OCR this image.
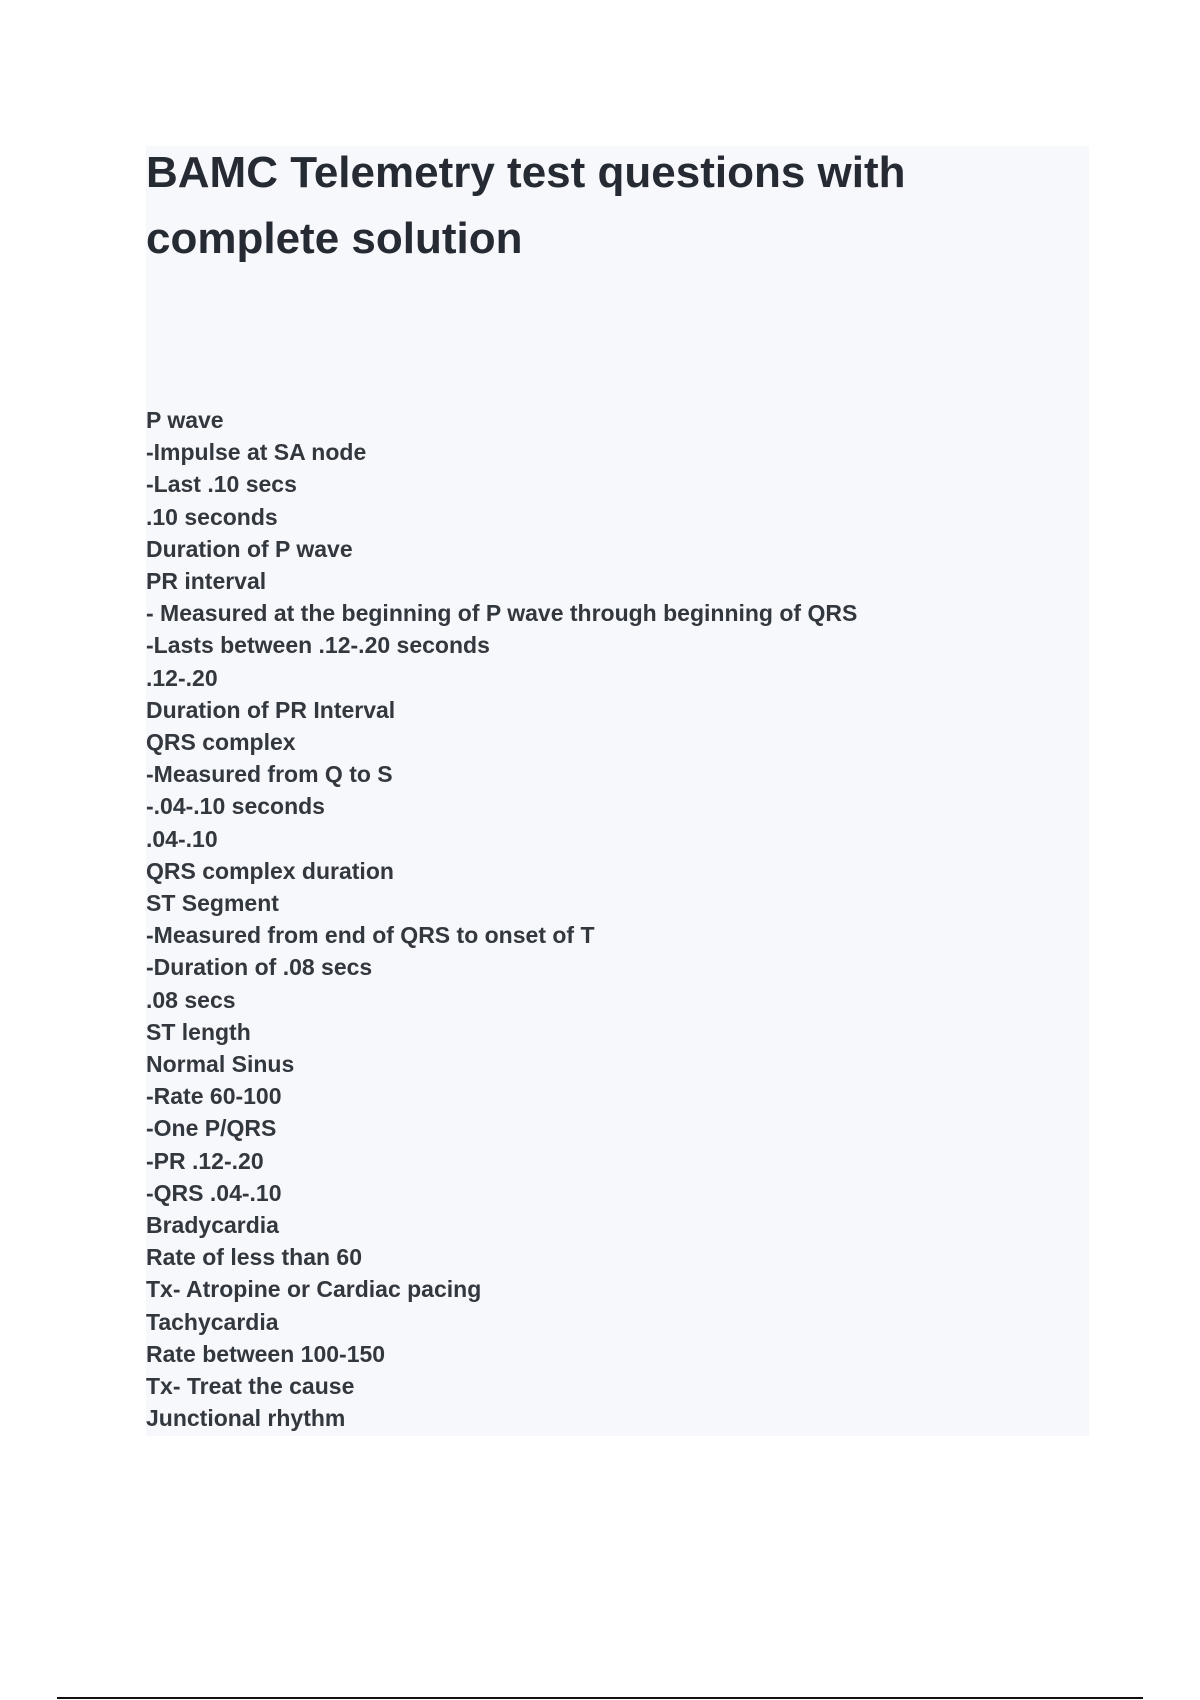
BAMC Telemetry test questions with
complete solution
P wave
-Impulse at SA node
-Last .10 secs
.10 seconds
Duration of P wave
PR interval
- Measured at the beginning of P wave through beginning of QRS
-Lasts between .12-.20 seconds
.12-.20
Duration of PR Interval
QRS complex
-Measured from Q to S
-.04-.10 seconds
.04-.10
QRS complex duration
ST Segment
-Measured from end of QRS to onset of T
-Duration of .08 secs
.08 secs
ST length
Normal Sinus
-Rate 60-100
-One P/QRS
-PR .12-.20
-QRS .04-.10
Bradycardia
Rate of less than 60
Tx- Atropine or Cardiac pacing
Tachycardia
Rate between 100-150
Tx- Treat the cause
Junctional rhythm
